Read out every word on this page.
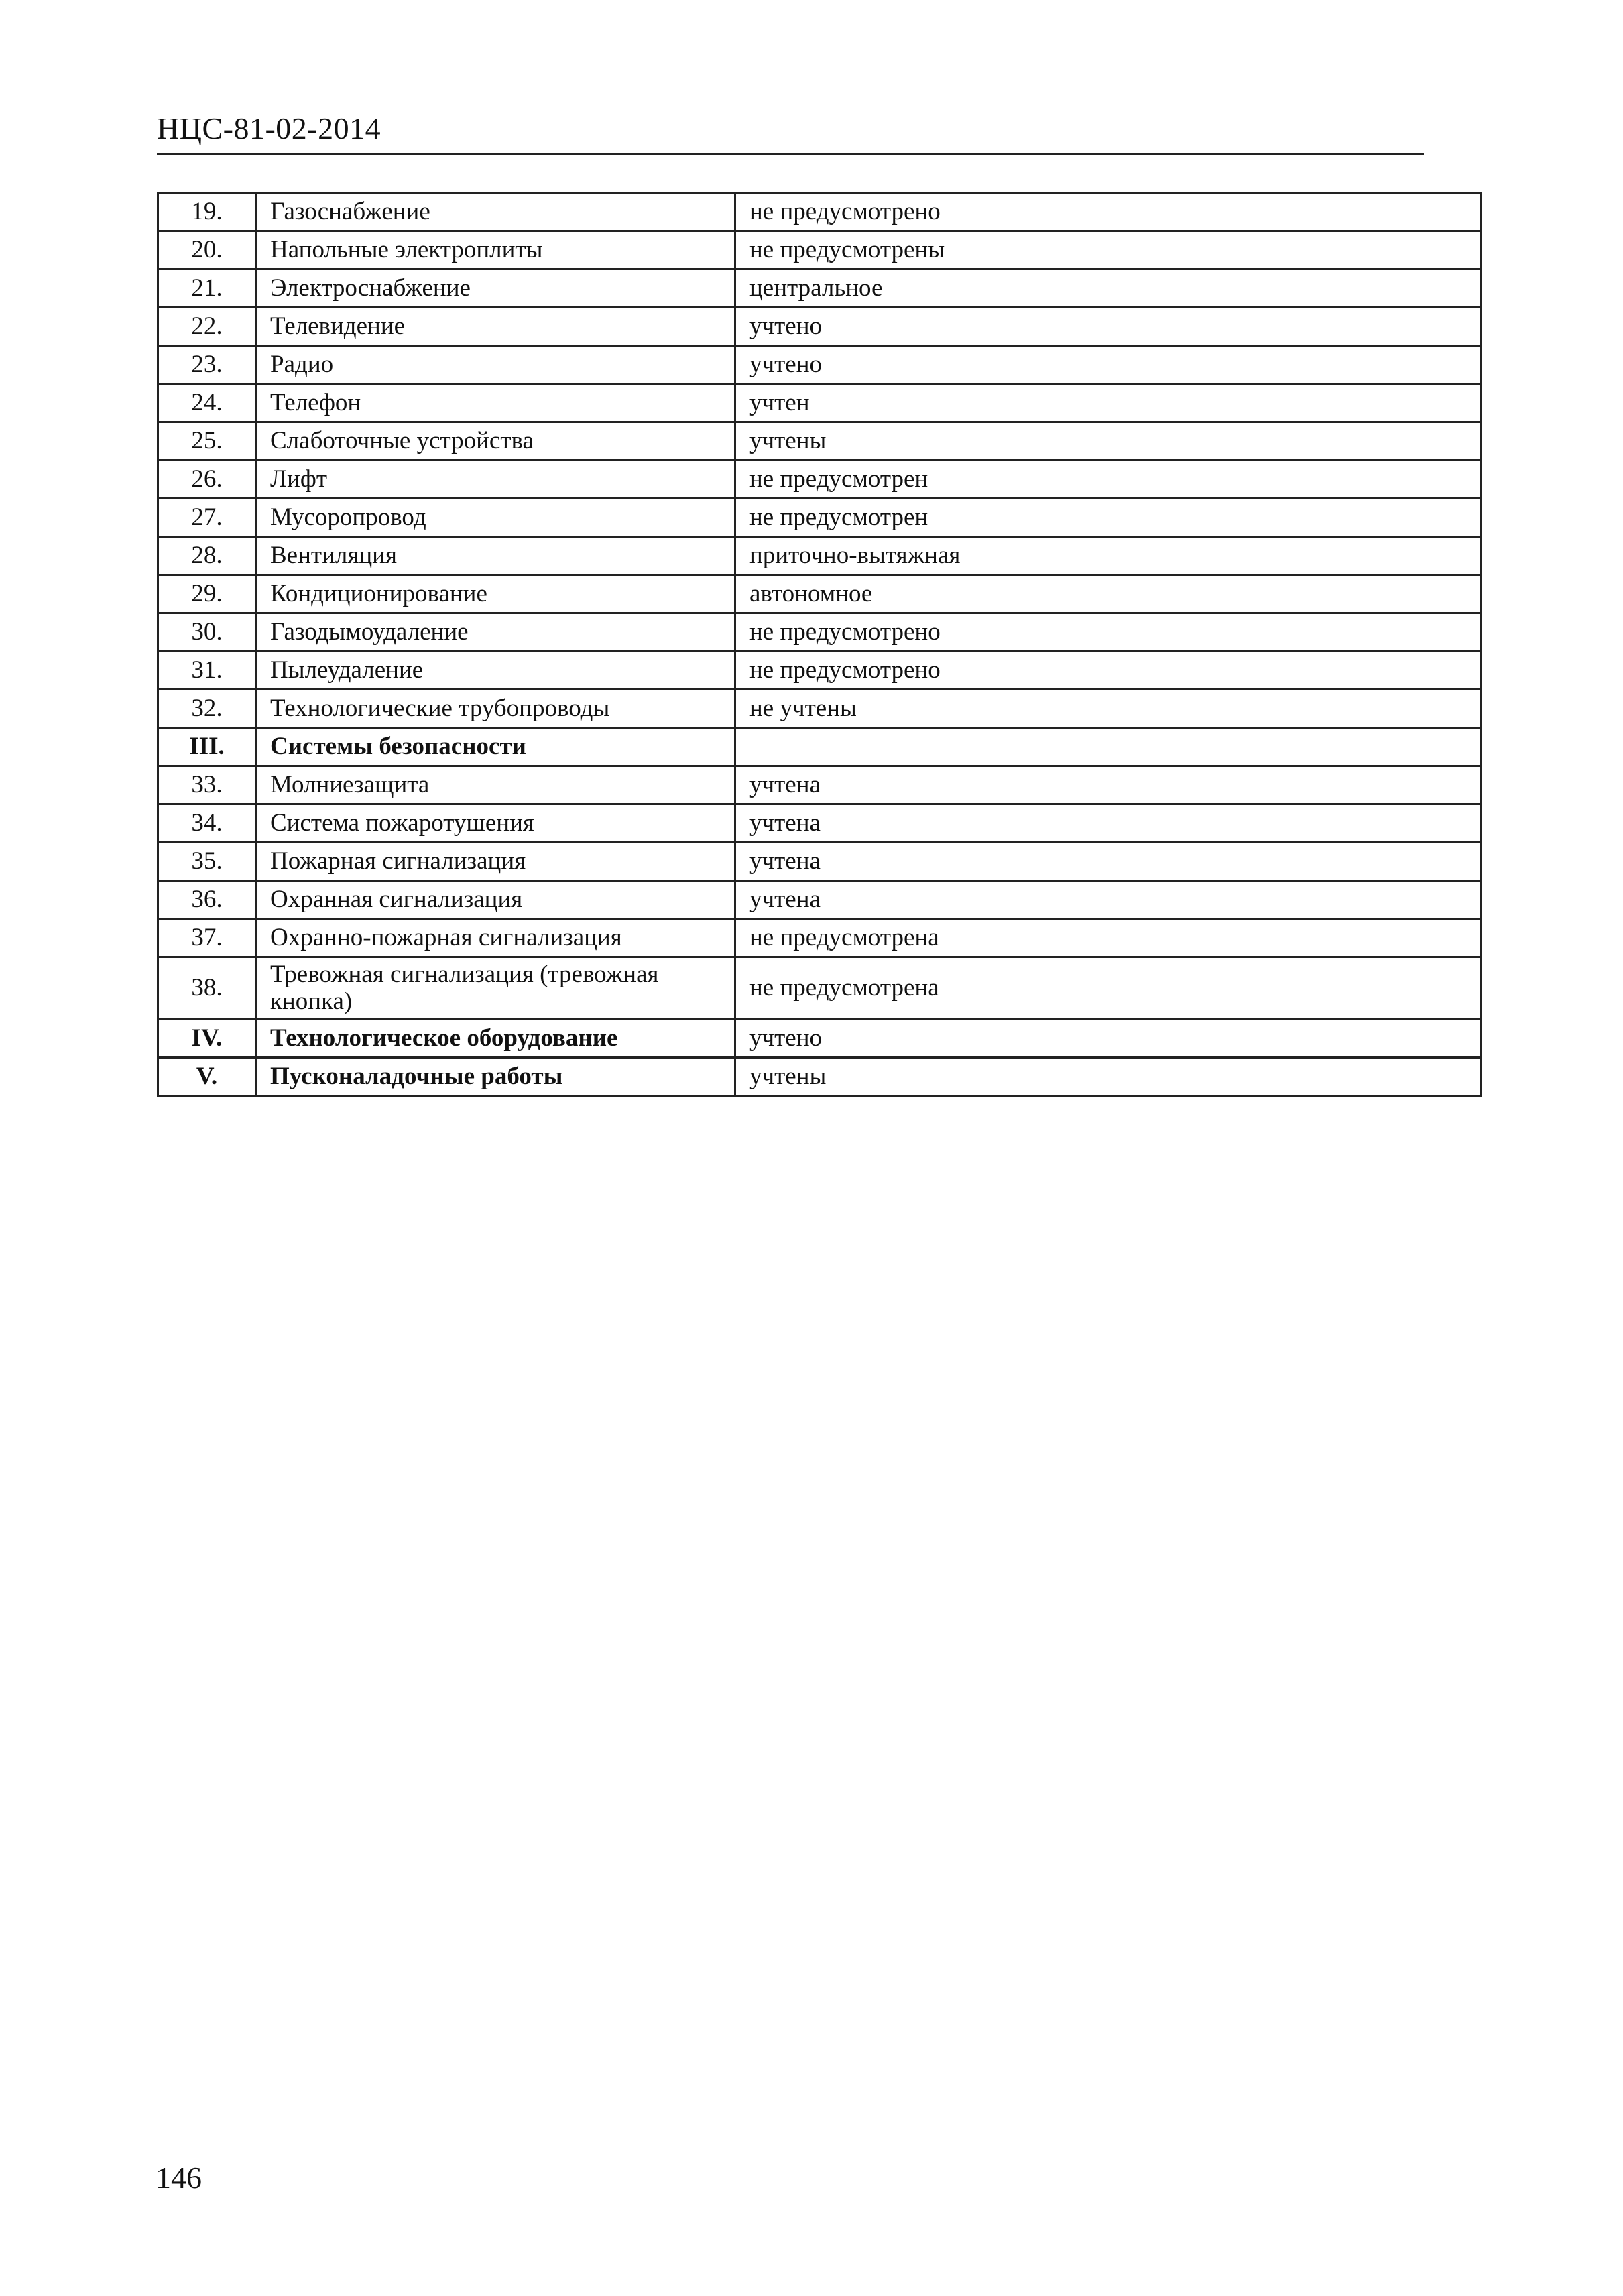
НЦС-81-02-2014
19.	Газоснабжение	не предусмотрено
20.	Напольные электроплиты	не предусмотрены
21.	Электроснабжение	центральное
22.	Телевидение	учтено
23.	Радио	учтено
24.	Телефон	учтен
25.	Слаботочные устройства	учтены
26.	Лифт	не предусмотрен
27.	Мусоропровод	не предусмотрен
28.	Вентиляция	приточно-вытяжная
29.	Кондиционирование	автономное
30.	Газодымоудаление	не предусмотрено
31.	Пылеудаление	не предусмотрено
32.	Технологические трубопроводы	не учтены
III.	Системы безопасности	
33.	Молниезащита	учтена
34.	Система пожаротушения	учтена
35.	Пожарная сигнализация	учтена
36.	Охранная сигнализация	учтена
37.	Охранно-пожарная сигнализация	не предусмотрена
38.	Тревожная сигнализация (тревожная кнопка)	не предусмотрена
IV.	Технологическое оборудование	учтено
V.	Пусконаладочные работы	учтены
146
